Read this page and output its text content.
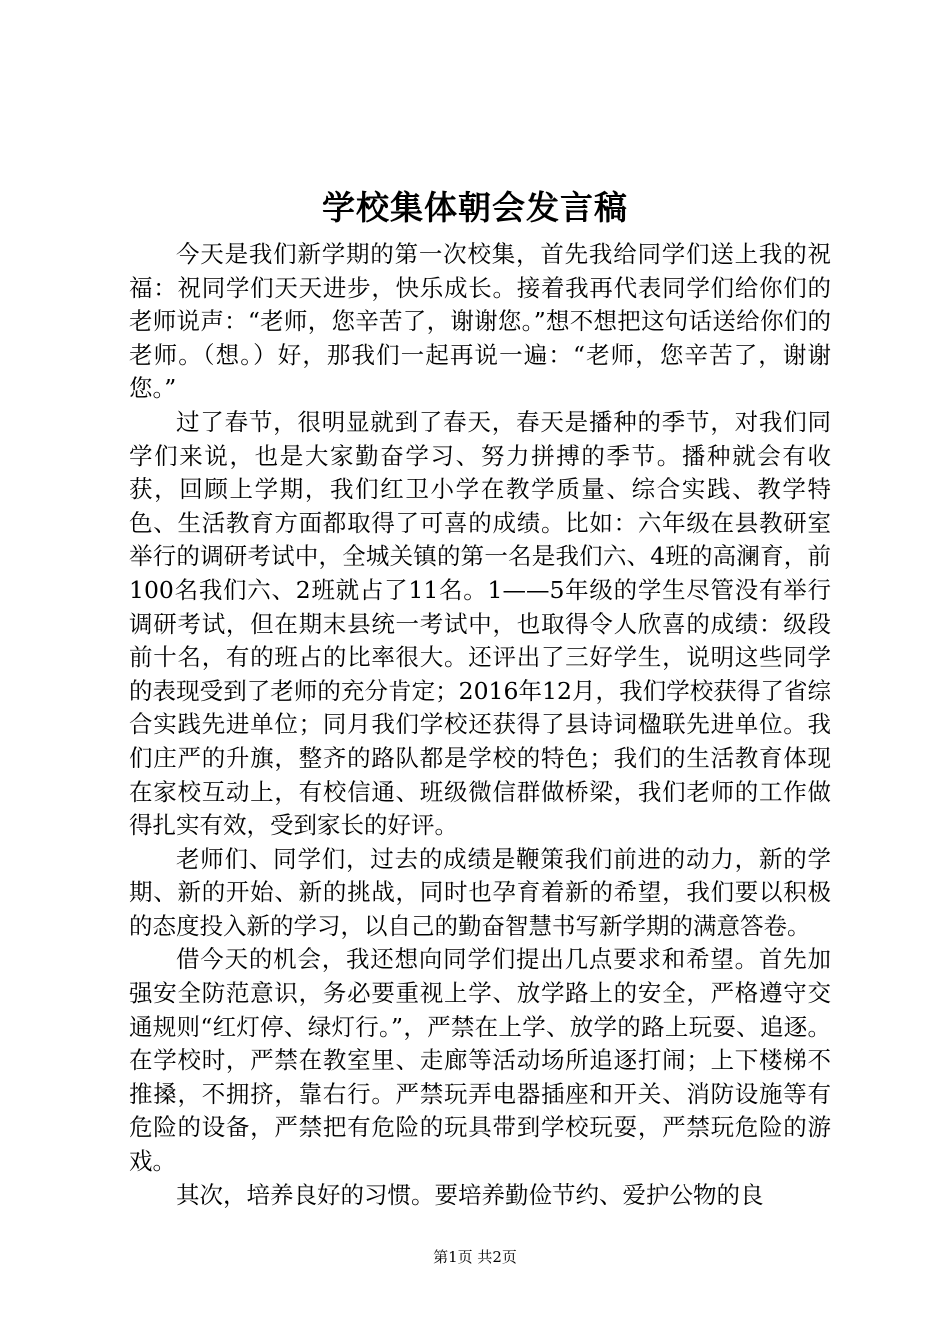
学校集体朝会发言稿

今天是我们新学期的第一次校集，首先我给同学们送上我的祝福：祝同学们天天进步，快乐成长。接着我再代表同学们给你们的老师说声：“老师，您辛苦了，谢谢您。”想不想把这句话送给你们的老师。（想。）好，那我们一起再说一遍：“老师，您辛苦了，谢谢您。”

过了春节，很明显就到了春天，春天是播种的季节，对我们同学们来说，也是大家勤奋学习、努力拼搏的季节。播种就会有收获，回顾上学期，我们红卫小学在教学质量、综合实践、教学特色、生活教育方面都取得了可喜的成绩。比如：六年级在县教研室举行的调研考试中，全城关镇的第一名是我们六、4班的高澜育，前100名我们六、2班就占了11名。1——5年级的学生尽管没有举行调研考试，但在期末县统一考试中，也取得令人欣喜的成绩：级段前十名，有的班占的比率很大。还评出了三好学生，说明这些同学的表现受到了老师的充分肯定；2016年12月，我们学校获得了省综合实践先进单位；同月我们学校还获得了县诗词楹联先进单位。我们庄严的升旗，整齐的路队都是学校的特色；我们的生活教育体现在家校互动上，有校信通、班级微信群做桥梁，我们老师的工作做得扎实有效，受到家长的好评。

老师们、同学们，过去的成绩是鞭策我们前进的动力，新的学期、新的开始、新的挑战，同时也孕育着新的希望，我们要以积极的态度投入新的学习，以自己的勤奋智慧书写新学期的满意答卷。

借今天的机会，我还想向同学们提出几点要求和希望。首先加强安全防范意识，务必要重视上学、放学路上的安全，严格遵守交通规则“红灯停、绿灯行。”，严禁在上学、放学的路上玩耍、追逐。在学校时，严禁在教室里、走廊等活动场所追逐打闹；上下楼梯不推搡，不拥挤，靠右行。严禁玩弄电器插座和开关、消防设施等有危险的设备，严禁把有危险的玩具带到学校玩耍，严禁玩危险的游戏。

其次，培养良好的习惯。要培养勤俭节约、爱护公物的良

第1页 共2页
